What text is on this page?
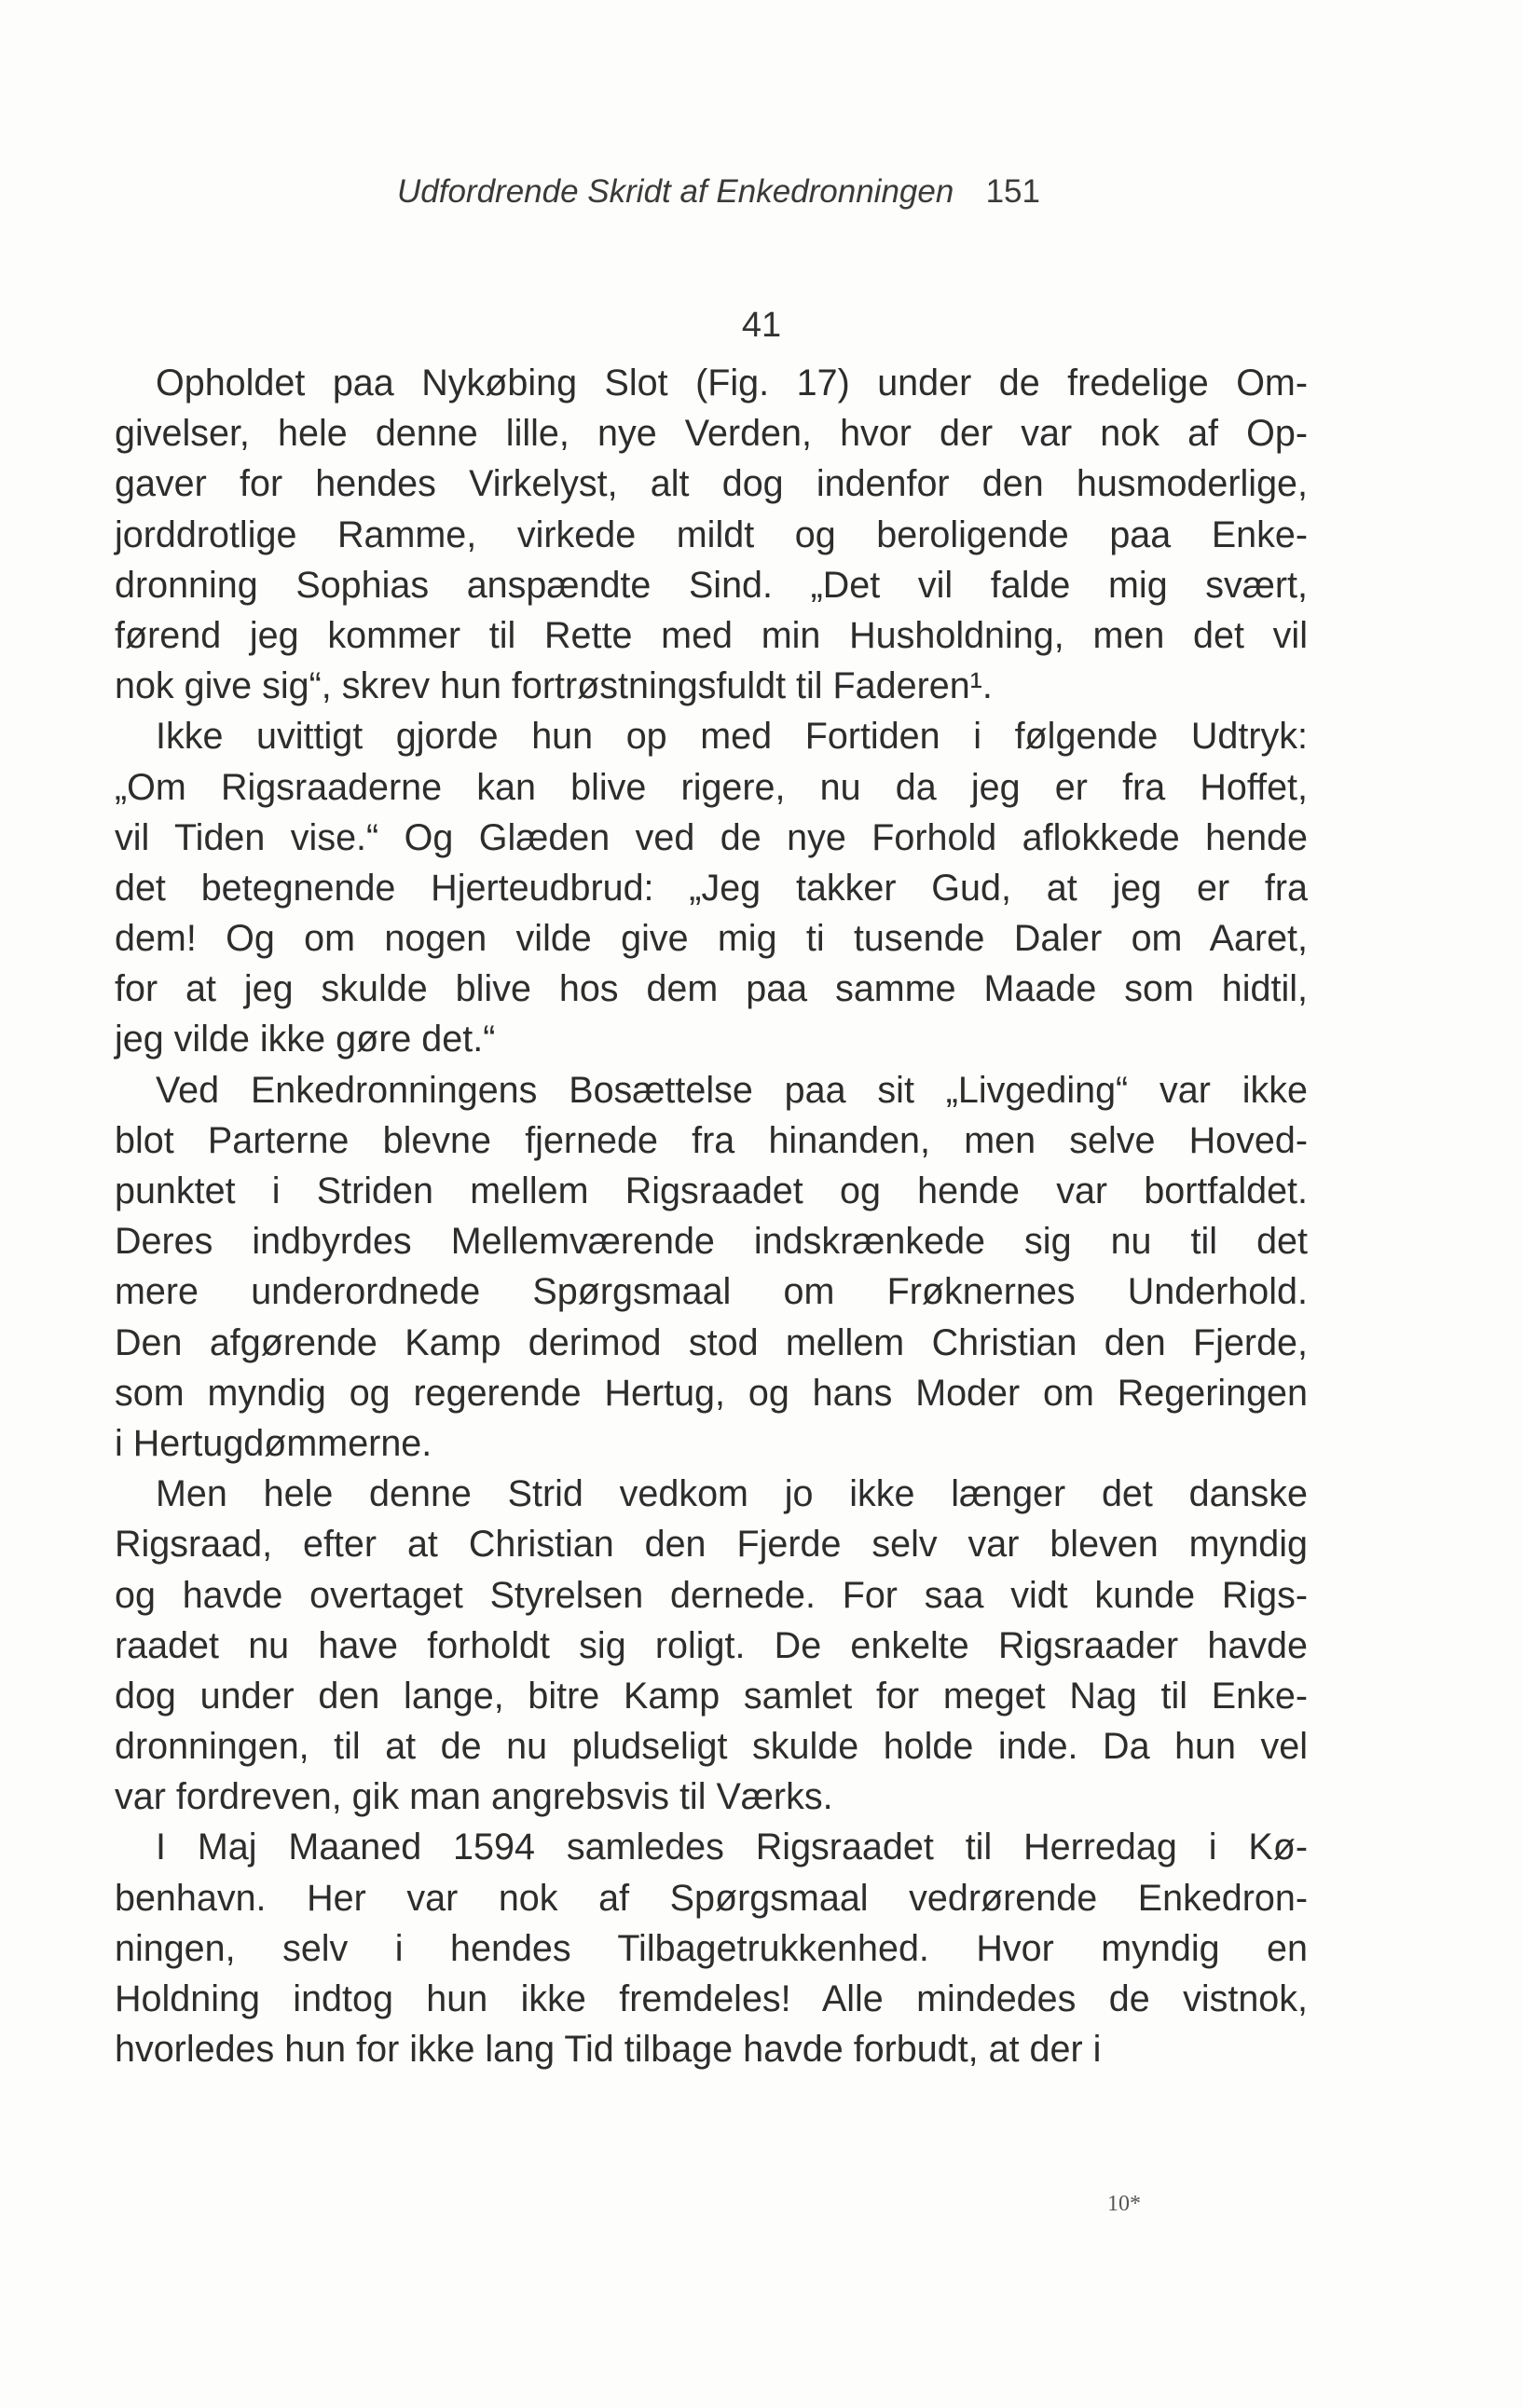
Udfordrende Skridt af Enkedronningen 151
41
Opholdet paa Nykøbing Slot (Fig. 17) under de fredelige Om-
givelser, hele denne lille, nye Verden, hvor der var nok af Op-
gaver for hendes Virkelyst, alt dog indenfor den husmoderlige,
jorddrotlige Ramme, virkede mildt og beroligende paa Enke-
dronning Sophias anspændte Sind. „Det vil falde mig svært,
førend jeg kommer til Rette med min Husholdning, men det vil
nok give sig“, skrev hun fortrøstningsfuldt til Faderen¹.
Ikke uvittigt gjorde hun op med Fortiden i følgende Udtryk:
„Om Rigsraaderne kan blive rigere, nu da jeg er fra Hoffet,
vil Tiden vise.“ Og Glæden ved de nye Forhold aflokkede hende
det betegnende Hjerteudbrud: „Jeg takker Gud, at jeg er fra
dem! Og om nogen vilde give mig ti tusende Daler om Aaret,
for at jeg skulde blive hos dem paa samme Maade som hidtil,
jeg vilde ikke gøre det.“
Ved Enkedronningens Bosættelse paa sit „Livgeding“ var ikke
blot Parterne blevne fjernede fra hinanden, men selve Hoved-
punktet i Striden mellem Rigsraadet og hende var bortfaldet.
Deres indbyrdes Mellemværende indskrænkede sig nu til det
mere underordnede Spørgsmaal om Frøknernes Underhold.
Den afgørende Kamp derimod stod mellem Christian den Fjerde,
som myndig og regerende Hertug, og hans Moder om Regeringen
i Hertugdømmerne.
Men hele denne Strid vedkom jo ikke længer det danske
Rigsraad, efter at Christian den Fjerde selv var bleven myndig
og havde overtaget Styrelsen dernede. For saa vidt kunde Rigs-
raadet nu have forholdt sig roligt. De enkelte Rigsraader havde
dog under den lange, bitre Kamp samlet for meget Nag til Enke-
dronningen, til at de nu pludseligt skulde holde inde. Da hun vel
var fordreven, gik man angrebsvis til Værks.
I Maj Maaned 1594 samledes Rigsraadet til Herredag i Kø-
benhavn. Her var nok af Spørgsmaal vedrørende Enkedron-
ningen, selv i hendes Tilbagetrukkenhed. Hvor myndig en
Holdning indtog hun ikke fremdeles! Alle mindedes de vistnok,
hvorledes hun for ikke lang Tid tilbage havde forbudt, at der i
10*
